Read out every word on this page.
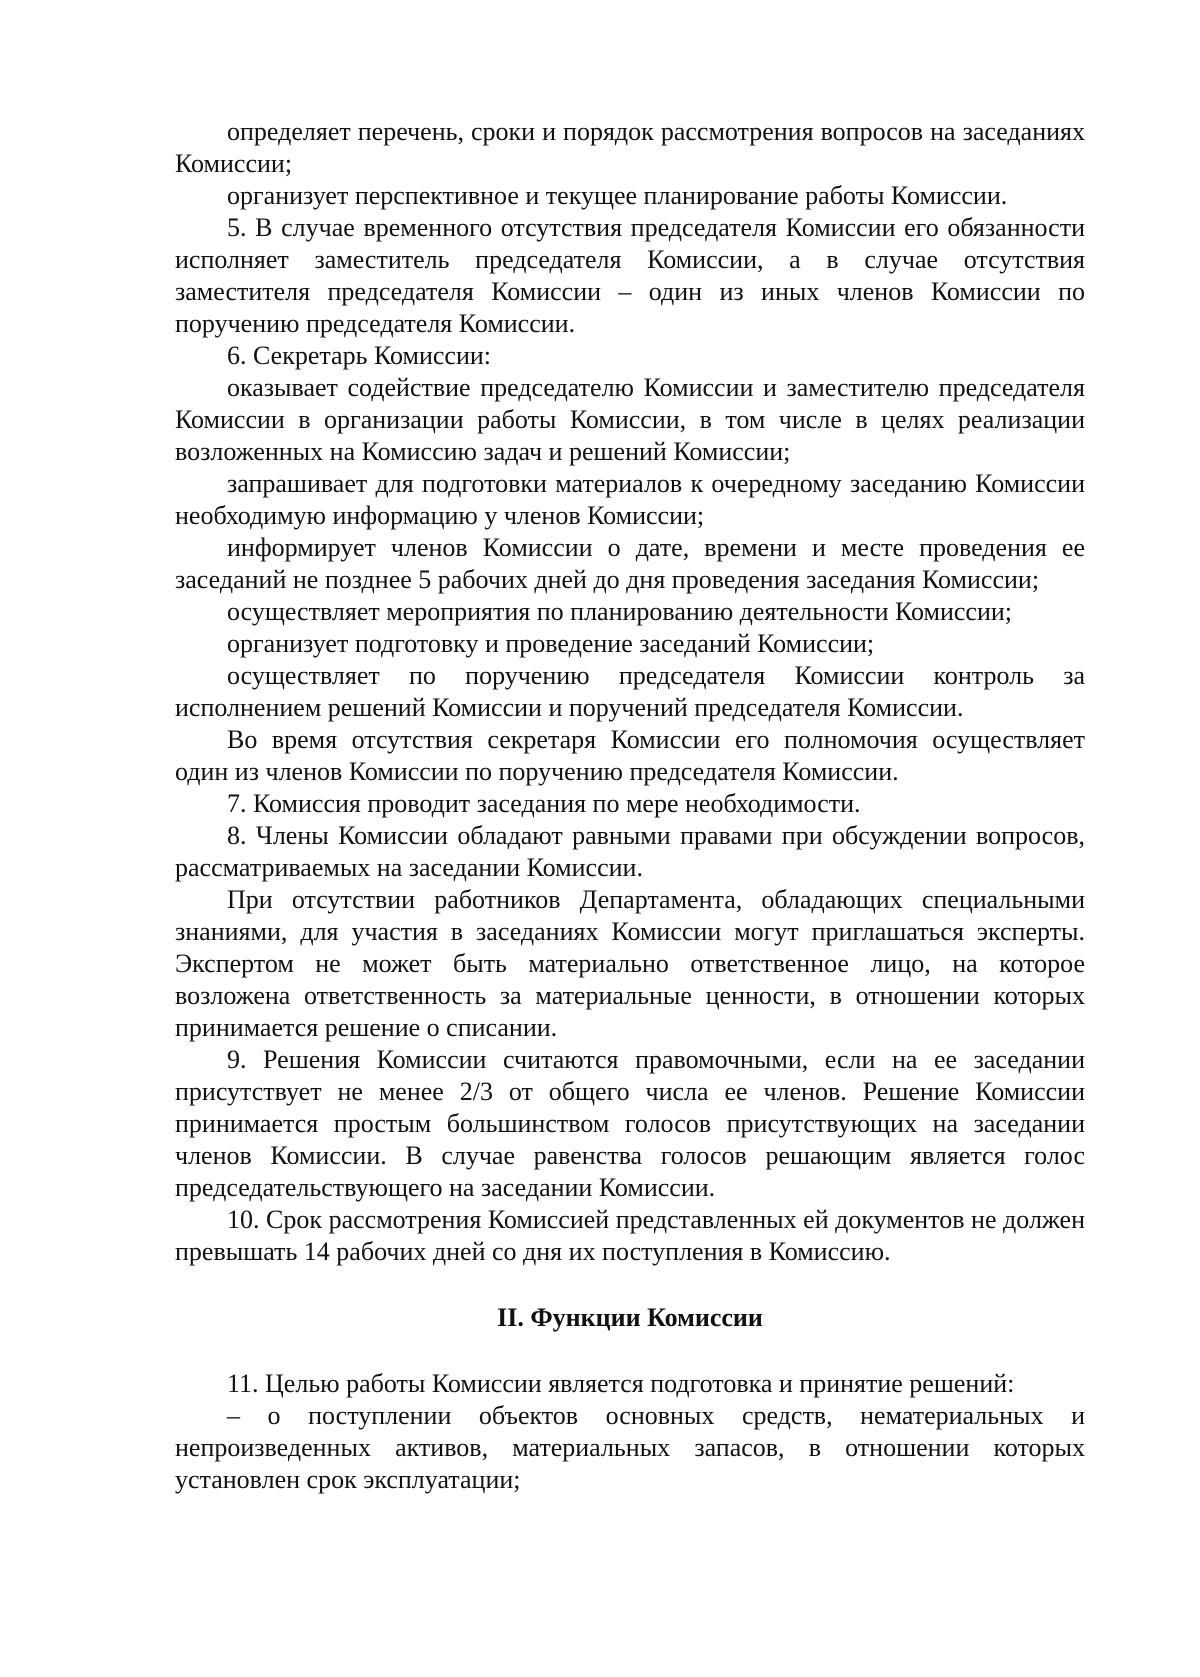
определяет перечень, сроки и порядок рассмотрения вопросов на заседаниях Комиссии;

организует перспективное и текущее планирование работы Комиссии.

5. В случае временного отсутствия председателя Комиссии его обязанности исполняет заместитель председателя Комиссии, а в случае отсутствия заместителя председателя Комиссии – один из иных членов Комиссии по поручению председателя Комиссии.

6. Секретарь Комиссии:

оказывает содействие председателю Комиссии и заместителю председателя Комиссии в организации работы Комиссии, в том числе в целях реализации возложенных на Комиссию задач и решений Комиссии;

запрашивает для подготовки материалов к очередному заседанию Комиссии необходимую информацию у членов Комиссии;

информирует членов Комиссии о дате, времени и месте проведения ее заседаний не позднее 5 рабочих дней до дня проведения заседания Комиссии;

осуществляет мероприятия по планированию деятельности Комиссии;

организует подготовку и проведение заседаний Комиссии;

осуществляет по поручению председателя Комиссии контроль за исполнением решений Комиссии и поручений председателя Комиссии.

Во время отсутствия секретаря Комиссии его полномочия осуществляет один из членов Комиссии по поручению председателя Комиссии.

7. Комиссия проводит заседания по мере необходимости.

8. Члены Комиссии обладают равными правами при обсуждении вопросов, рассматриваемых на заседании Комиссии.

При отсутствии работников Департамента, обладающих специальными знаниями, для участия в заседаниях Комиссии могут приглашаться эксперты. Экспертом не может быть материально ответственное лицо, на которое возложена ответственность за материальные ценности, в отношении которых принимается решение о списании.

9. Решения Комиссии считаются правомочными, если на ее заседании присутствует не менее 2/3 от общего числа ее членов. Решение Комиссии принимается простым большинством голосов присутствующих на заседании членов Комиссии. В случае равенства голосов решающим является голос председательствующего на заседании Комиссии.

10. Срок рассмотрения Комиссией представленных ей документов не должен превышать 14 рабочих дней со дня их поступления в Комиссию.

II. Функции Комиссии

11. Целью работы Комиссии является подготовка и принятие решений:

– о поступлении объектов основных средств, нематериальных и непроизведенных активов, материальных запасов, в отношении которых установлен срок эксплуатации;
